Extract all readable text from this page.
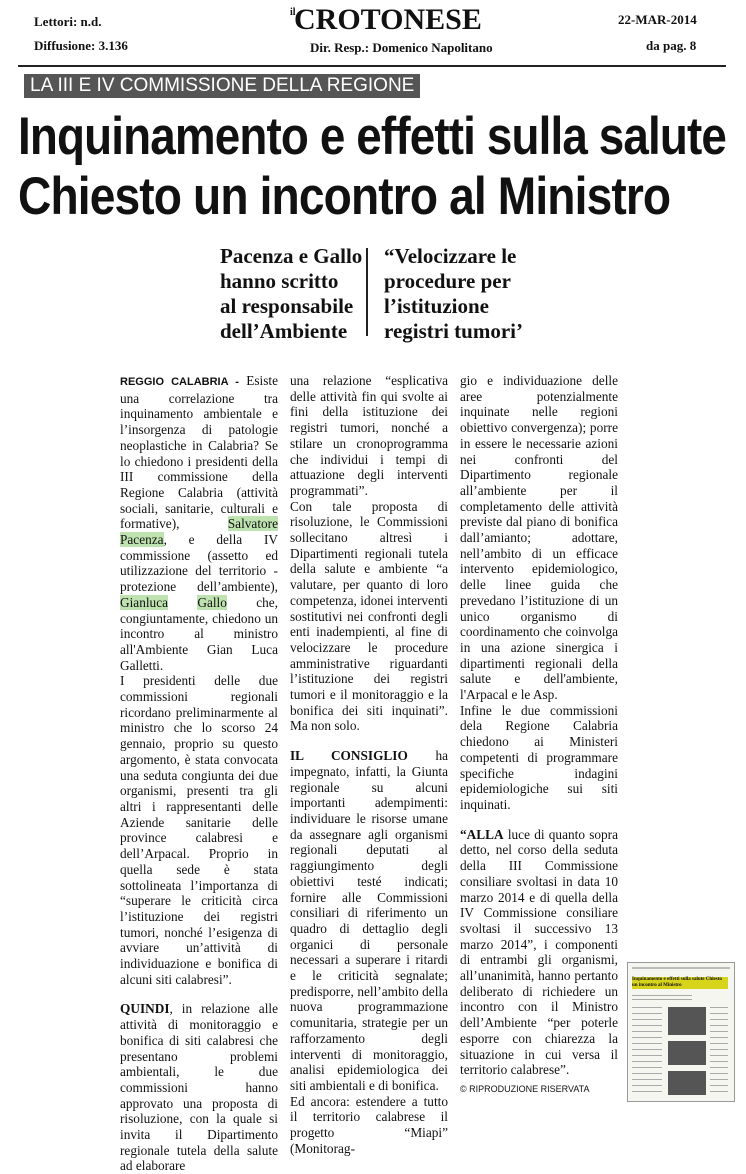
Lettori: n.d.
Diffusione: 3.136
il
CROTONESE
Dir. Resp.: Domenico Napolitano
22-MAR-2014
da pag. 8
LA III E IV COMMISSIONE DELLA REGIONE
Inquinamento e effetti sulla salute
Chiesto un incontro al Ministro
Pacenza e Gallo
hanno scritto
al responsabile
dell’Ambiente
“Velocizzare le
procedure per
l’istituzione
registri tumori’

REGGIO CALABRIA - Esiste una correlazione tra inquinamento ambientale e l’insorgenza di patologie neoplastiche in Calabria? Se lo chiedono i presidenti della III commissione della Regione Calabria (attività sociali, sanitarie, culturali e formative), Salvatore Pacenza, e della IV commissione (assetto ed utilizzazione del territorio - protezione dell’ambiente), Gianluca Gallo che, congiuntamente, chiedono un incontro al ministro all'Ambiente Gian Luca Galletti.

I presidenti delle due commissioni regionali ricordano preliminarmente al ministro che lo scorso 24 gennaio, proprio su questo argomento, è stata convocata una seduta congiunta dei due organismi, presenti tra gli altri i rappresentanti delle Aziende sanitarie delle province calabresi e dell’Arpacal. Proprio in quella sede è stata sottolineata l’importanza di “superare le criticità circa l’istituzione dei registri tumori, nonché l’esigenza di avviare un’attività di individuazione e bonifica di alcuni siti calabresi”.

QUINDI, in relazione alle attività di monitoraggio e bonifica di siti calabresi che presentano problemi ambientali, le due commissioni hanno approvato una proposta di risoluzione, con la quale si invita il Dipartimento regionale tutela della salute ad elaborare

una relazione “esplicativa delle attività fin qui svolte ai fini della istituzione dei registri tumori, nonché a stilare un cronoprogramma che individui i tempi di attuazione degli interventi programmati”.

Con tale proposta di risoluzione, le Commissioni sollecitano altresì i Dipartimenti regionali tutela della salute e ambiente “a valutare, per quanto di loro competenza, idonei interventi sostitutivi nei confronti degli enti inadempienti, al fine di velocizzare le procedure amministrative riguardanti l’istituzione dei registri tumori e il monitoraggio e la bonifica dei siti inquinati”. Ma non solo.

IL CONSIGLIO ha impegnato, infatti, la Giunta regionale su alcuni importanti adempimenti: individuare le risorse umane da assegnare agli organismi regionali deputati al raggiungimento degli obiettivi testé indicati; fornire alle Commissioni consiliari di riferimento un quadro di dettaglio degli organici di personale necessari a superare i ritardi e le criticità segnalate; predisporre, nell’ambito della nuova programmazione comunitaria, strategie per un rafforzamento degli interventi di monitoraggio, analisi epidemiologica dei siti ambientali e di bonifica.

Ed ancora: estendere a tutto il territorio calabrese il progetto “Miapi” (Monitorag-

gio e individuazione delle aree potenzialmente inquinate nelle regioni obiettivo convergenza); porre in essere le necessarie azioni nei confronti del Dipartimento regionale all’ambiente per il completamento delle attività previste dal piano di bonifica dall’amianto; adottare, nell’ambito di un efficace intervento epidemiologico, delle linee guida che prevedano l’istituzione di un unico organismo di coordinamento che coinvolga in una azione sinergica i dipartimenti regionali della salute e dell'ambiente, l'Arpacal e le Asp.

Infine le due commissioni dela Regione Calabria chiedono ai Ministeri competenti di programmare specifiche indagini epidemiologiche sui siti inquinati.

“ALLA luce di quanto sopra detto, nel corso della seduta della III Commissione consiliare svoltasi in data 10 marzo 2014 e di quella della IV Commissione consiliare svoltasi il successivo 13 marzo 2014”, i componenti di entrambi gli organismi, all’unanimità, hanno pertanto deliberato di richiedere un incontro con il Ministro dell’Ambiente “per poterle esporre con chiarezza la situazione in cui versa il territorio calabrese”.

© RIPRODUZIONE RISERVATA
Inquinamento e effetti sulla salute Chiesto un incontro al Ministro
